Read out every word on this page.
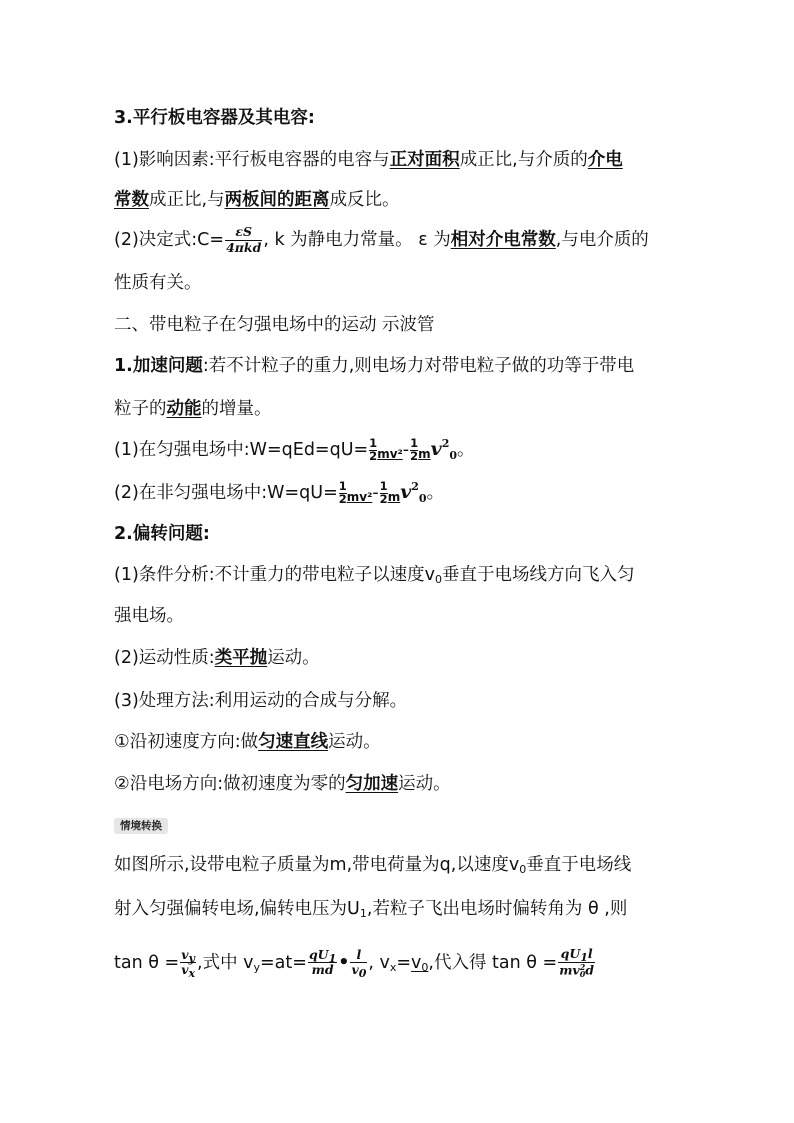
3.平行板电容器及其电容:
(1)影响因素:平行板电容器的电容与正对面积成正比,与介质的介电
常数成正比,与两板间的距离成反比。
(2)决定式:C= $\frac{\varepsilon S}{\text{4πkd}}$ , k 为静电力常量。 ε 为相对介电常数,与电介质的
性质有关。
二、带电粒子在匀强电场中的运动 示波管
1.加速问题:若不计粒子的重力,则电场力对带电粒子做的功等于带电
粒子的动能的增量。
(1)在匀强电场中:W=qEd=qU= $\frac{1}{2} mv^2- \frac{1}{2} mv^2_0$。
(2)在非匀强电场中:W=qU= $\frac{1}{2} mv^2- \frac{1}{2} mv^2_0$。
2.偏转问题:
(1)条件分析:不计重力的带电粒子以速度$v_0$垂直于电场线方向飞入匀
强电场。
(2)运动性质:类平抛运动。
(3)处理方法:利用运动的合成与分解。
①沿初速度方向:做匀速直线运动。
②沿电场方向:做初速度为零的匀加速运动。
情境转换
如图所示,设带电粒子质量为m,带电荷量为q,以速度$v_0$垂直于电场线
射入匀强偏转电场,偏转电压为$U_1$,若粒子飞出电场时偏转角为 θ ,则
$\tan \theta = \frac{v_y}{v_x}$ ,式中 $v_y=at= \frac{qU_1}{md}$ • $\frac{l}{v_0}$ , $v_x=v_0$,代入得 $\tan \theta = qU_1l$
mv 2
0 d
